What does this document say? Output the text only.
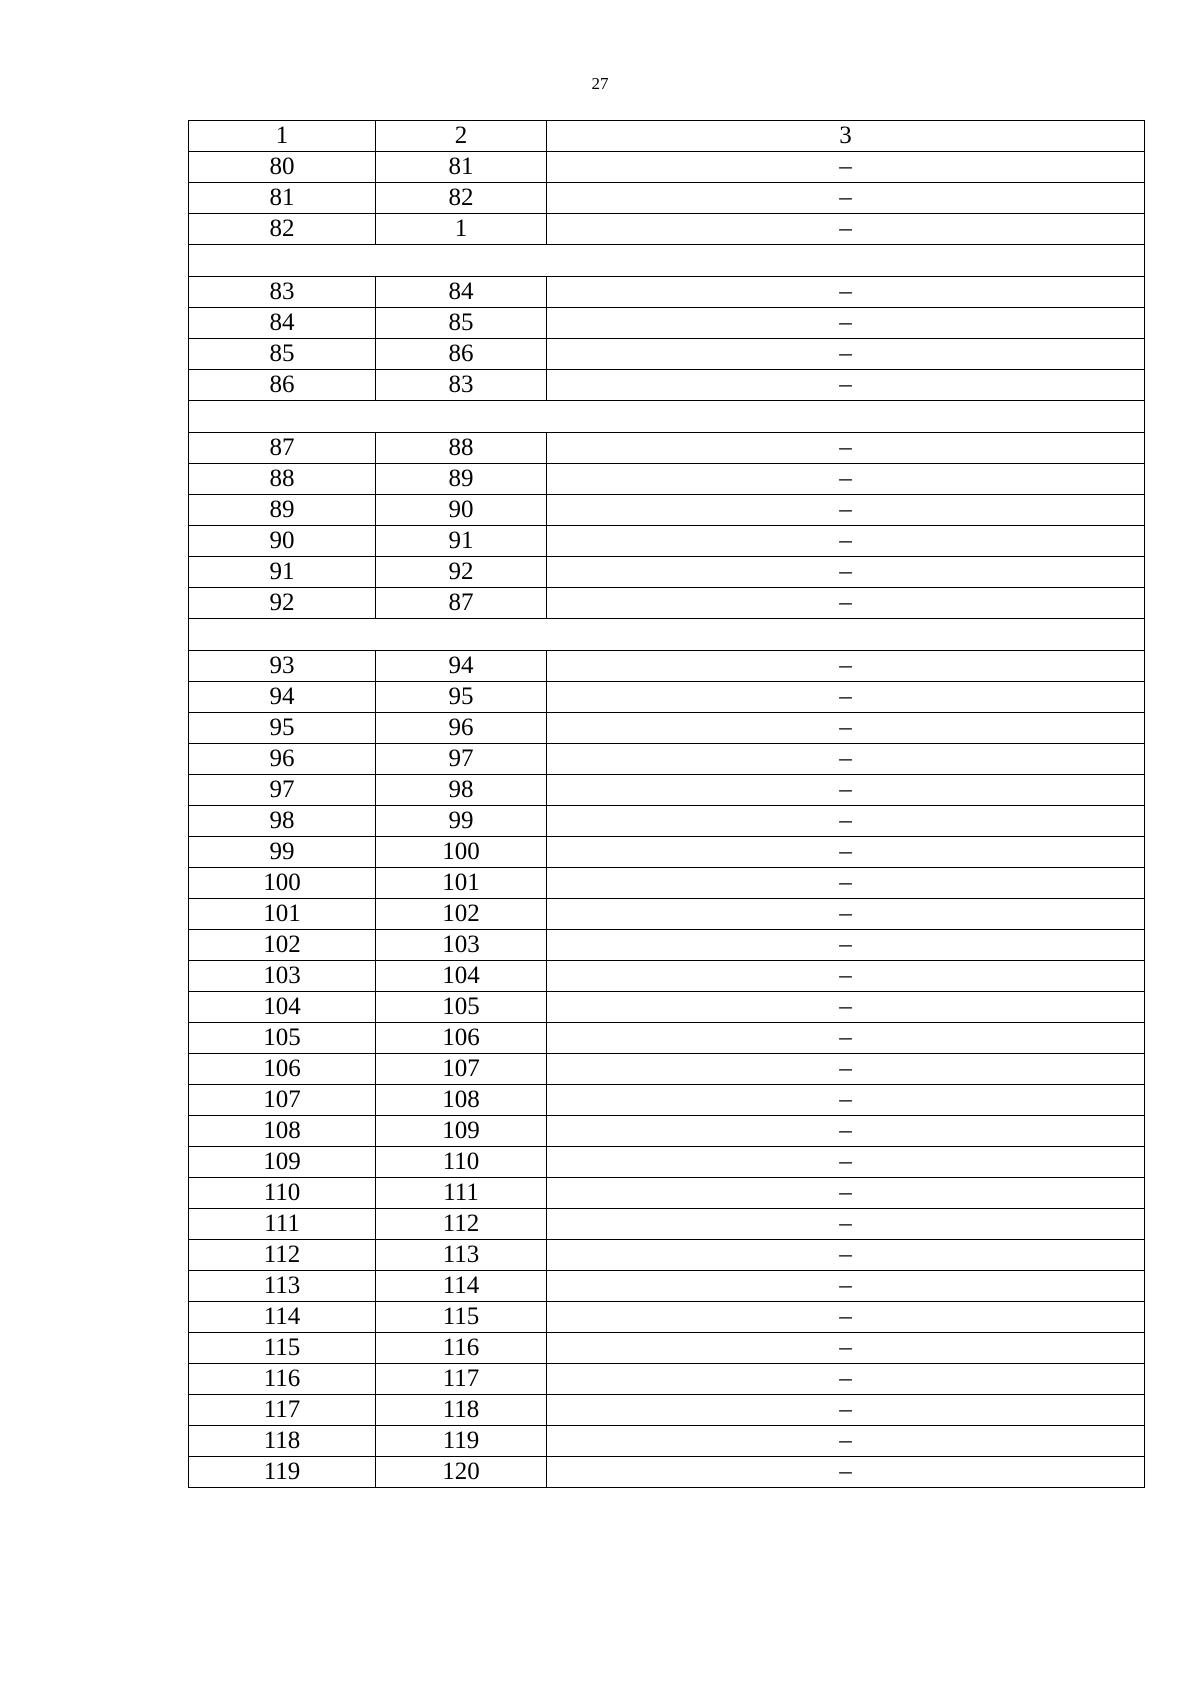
27
1	2	3
80	81	–
81	82	–
82	1	–

83	84	–
84	85	–
85	86	–
86	83	–

87	88	–
88	89	–
89	90	–
90	91	–
91	92	–
92	87	–

93	94	–
94	95	–
95	96	–
96	97	–
97	98	–
98	99	–
99	100	–
100	101	–
101	102	–
102	103	–
103	104	–
104	105	–
105	106	–
106	107	–
107	108	–
108	109	–
109	110	–
110	111	–
111	112	–
112	113	–
113	114	–
114	115	–
115	116	–
116	117	–
117	118	–
118	119	–
119	120	–
